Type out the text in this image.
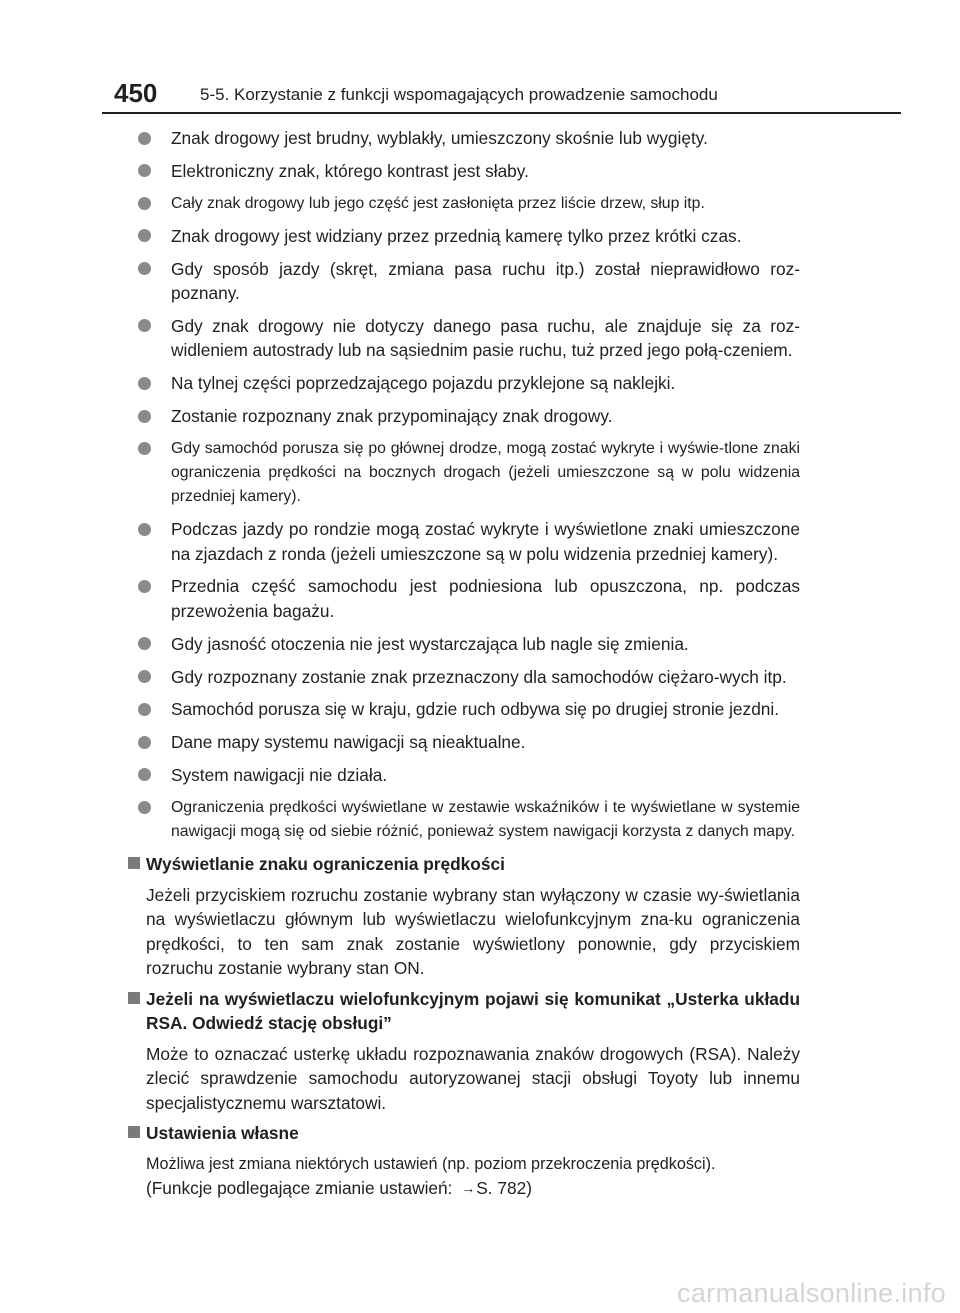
450	5-5. Korzystanie z funkcji wspomagających prowadzenie samochodu
Znak drogowy jest brudny, wyblakły, umieszczony skośnie lub wygięty.
Elektroniczny znak, którego kontrast jest słaby.
Cały znak drogowy lub jego część jest zasłonięta przez liście drzew, słup itp.
Znak drogowy jest widziany przez przednią kamerę tylko przez krótki czas.
Gdy sposób jazdy (skręt, zmiana pasa ruchu itp.) został nieprawidłowo roz-poznany.
Gdy znak drogowy nie dotyczy danego pasa ruchu, ale znajduje się za roz-widleniem autostrady lub na sąsiednim pasie ruchu, tuż przed jego połą-czeniem.
Na tylnej części poprzedzającego pojazdu przyklejone są naklejki.
Zostanie rozpoznany znak przypominający znak drogowy.
Gdy samochód porusza się po głównej drodze, mogą zostać wykryte i wyświe-tlone znaki ograniczenia prędkości na bocznych drogach (jeżeli umieszczone są w polu widzenia przedniej kamery).
Podczas jazdy po rondzie mogą zostać wykryte i wyświetlone znaki umieszczone na zjazdach z ronda (jeżeli umieszczone są w polu widzenia przedniej kamery).
Przednia część samochodu jest podniesiona lub opuszczona, np. podczas przewożenia bagażu.
Gdy jasność otoczenia nie jest wystarczająca lub nagle się zmienia.
Gdy rozpoznany zostanie znak przeznaczony dla samochodów ciężaro-wych itp.
Samochód porusza się w kraju, gdzie ruch odbywa się po drugiej stronie jezdni.
Dane mapy systemu nawigacji są nieaktualne.
System nawigacji nie działa.
Ograniczenia prędkości wyświetlane w zestawie wskaźników i te wyświetlane w systemie nawigacji mogą się od siebie różnić, ponieważ system nawigacji korzysta z danych mapy.
Wyświetlanie znaku ograniczenia prędkości
Jeżeli przyciskiem rozruchu zostanie wybrany stan wyłączony w czasie wy-świetlania na wyświetlaczu głównym lub wyświetlaczu wielofunkcyjnym zna-ku ograniczenia prędkości, to ten sam znak zostanie wyświetlony ponownie, gdy przyciskiem rozruchu zostanie wybrany stan ON.
Jeżeli na wyświetlaczu wielofunkcyjnym pojawi się komunikat „Usterka układu RSA. Odwiedź stację obsługi”
Może to oznaczać usterkę układu rozpoznawania znaków drogowych (RSA). Należy zlecić sprawdzenie samochodu autoryzowanej stacji obsługi Toyoty lub innemu specjalistycznemu warsztatowi.
Ustawienia własne
Możliwa jest zmiana niektórych ustawień (np. poziom przekroczenia prędkości).
(Funkcje podlegające zmianie ustawień: →S. 782)
carmanualsonline.info
